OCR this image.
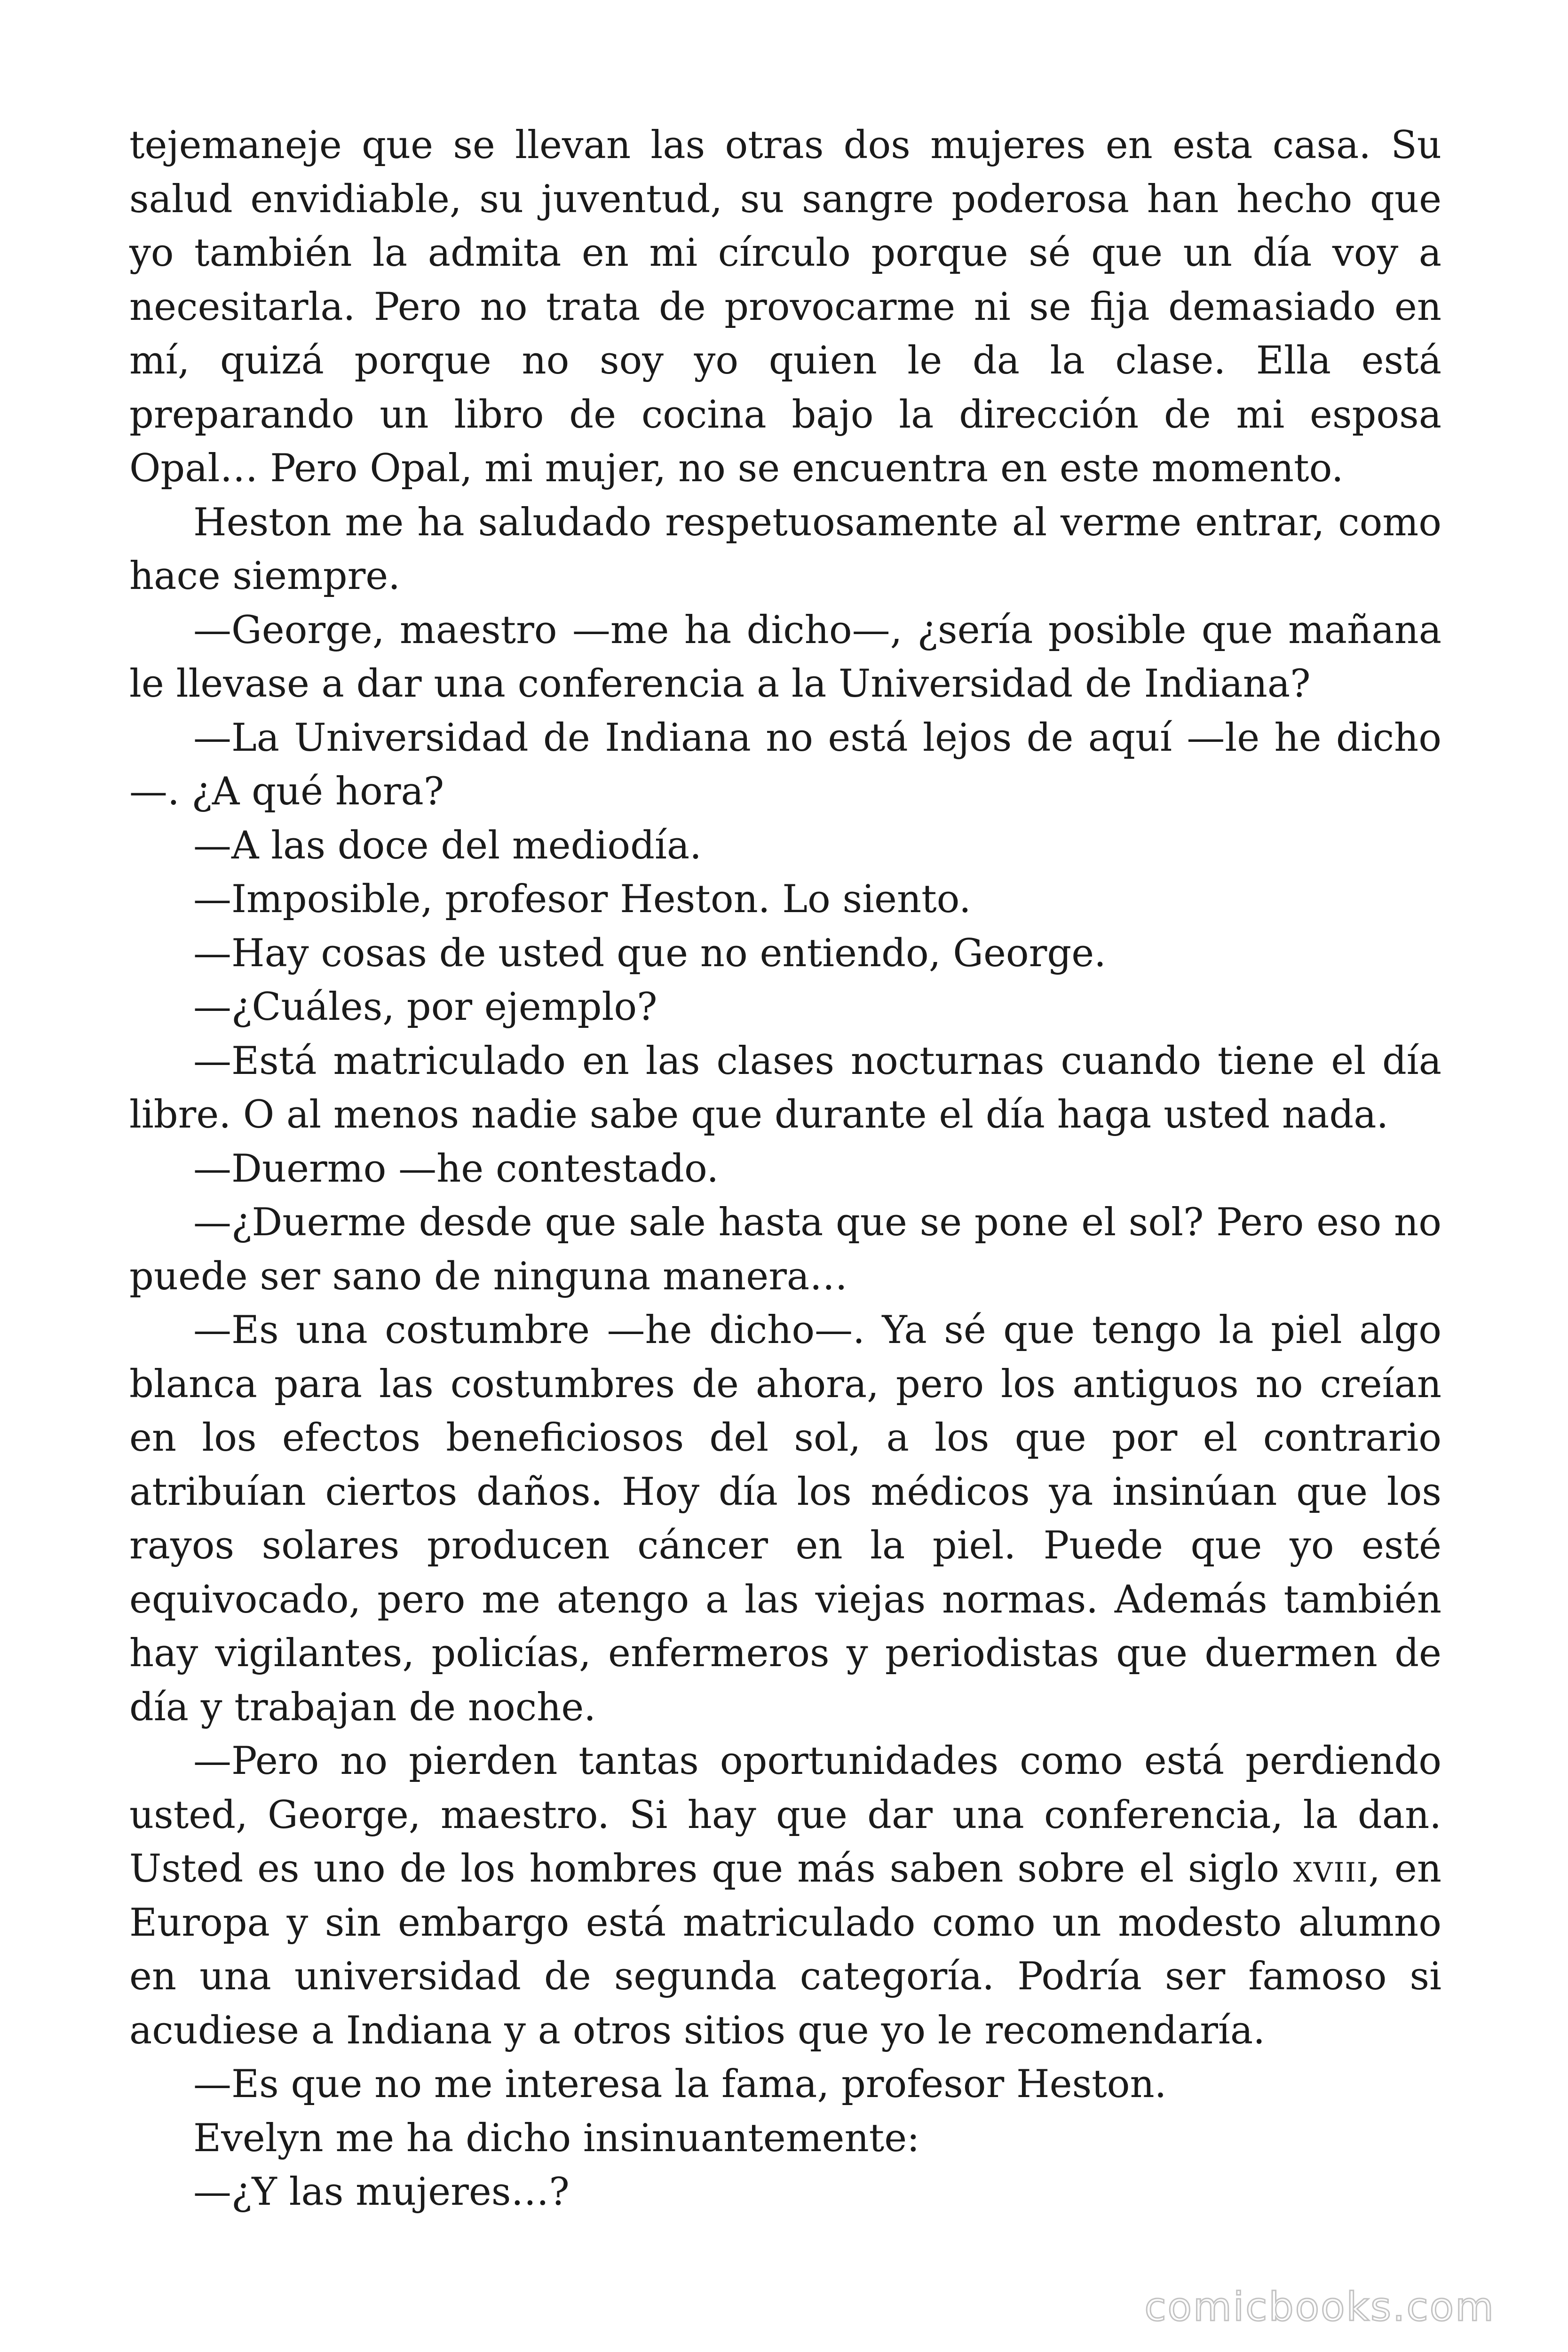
tejemaneje que se llevan las otras dos mujeres en esta casa. Su salud envidiable, su juventud, su sangre poderosa han hecho que yo también la admita en mi círculo porque sé que un día voy a necesitarla. Pero no trata de provocarme ni se fija demasiado en mí, quizá porque no soy yo quien le da la clase. Ella está preparando un libro de cocina bajo la dirección de mi esposa Opal… Pero Opal, mi mujer, no se encuentra en este momento.

Heston me ha saludado respetuosamente al verme entrar, como hace siempre.

—George, maestro —me ha dicho—, ¿sería posible que mañana le llevase a dar una conferencia a la Universidad de Indiana?

—La Universidad de Indiana no está lejos de aquí —le he dicho —. ¿A qué hora?

—A las doce del mediodía.

—Imposible, profesor Heston. Lo siento.

—Hay cosas de usted que no entiendo, George.

—¿Cuáles, por ejemplo?

—Está matriculado en las clases nocturnas cuando tiene el día libre. O al menos nadie sabe que durante el día haga usted nada.

—Duermo —he contestado.

—¿Duerme desde que sale hasta que se pone el sol? Pero eso no puede ser sano de ninguna manera…

—Es una costumbre —he dicho—. Ya sé que tengo la piel algo blanca para las costumbres de ahora, pero los antiguos no creían en los efectos beneficiosos del sol, a los que por el contrario atribuían ciertos daños. Hoy día los médicos ya insinúan que los rayos solares producen cáncer en la piel. Puede que yo esté equivocado, pero me atengo a las viejas normas. Además también hay vigilantes, policías, enfermeros y periodistas que duermen de día y trabajan de noche.

—Pero no pierden tantas oportunidades como está perdiendo usted, George, maestro. Si hay que dar una conferencia, la dan. Usted es uno de los hombres que más saben sobre el siglo xviii, en Europa y sin embargo está matriculado como un modesto alumno en una universidad de segunda categoría. Podría ser famoso si acudiese a Indiana y a otros sitios que yo le recomendaría.

—Es que no me interesa la fama, profesor Heston.

Evelyn me ha dicho insinuantemente:

—¿Y las mujeres…?

comicbooks.com
